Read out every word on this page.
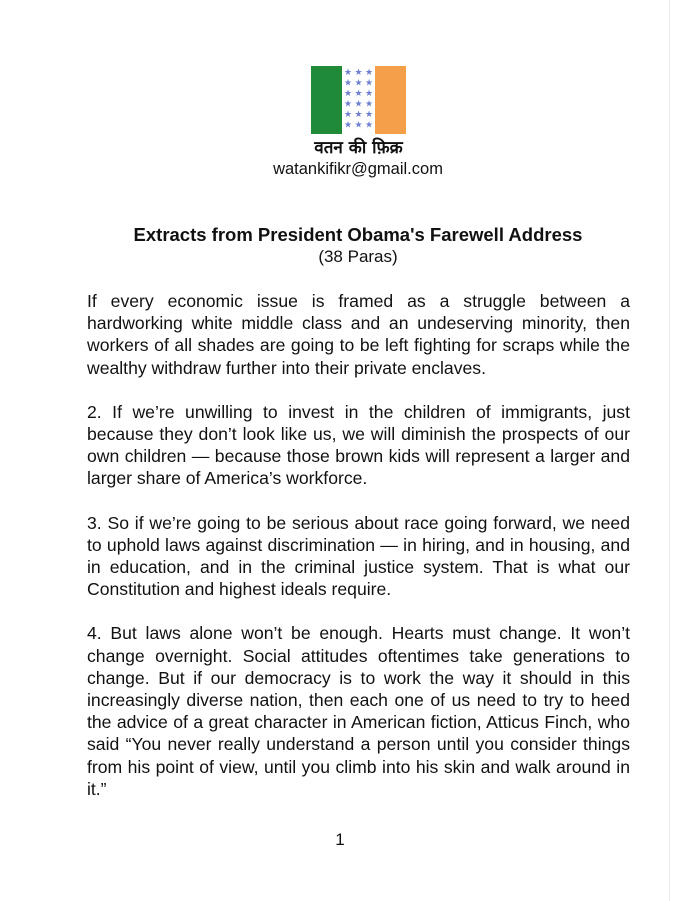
★ ★ ★
★ ★ ★
★ ★ ★
★ ★ ★
★ ★ ★
★ ★ ★
वतन की फ़िक्र
watankifikr@gmail.com
Extracts from President Obama's Farewell Address
(38 Paras)

If every economic issue is framed as a struggle between a hardworking white middle class and an undeserving minority, then workers of all shades are going to be left fighting for scraps while the wealthy withdraw further into their private enclaves.

2. If we’re unwilling to invest in the children of immigrants, just because they don’t look like us, we will diminish the prospects of our own children — because those brown kids will represent a larger and larger share of America’s workforce.

3. So if we’re going to be serious about race going forward, we need to uphold laws against discrimination — in hiring, and in housing, and in education, and in the criminal justice system. That is what our Constitution and highest ideals require.

4. But laws alone won’t be enough. Hearts must change. It won’t change overnight. Social attitudes oftentimes take generations to change. But if our democracy is to work the way it should in this increasingly diverse nation, then each one of us need to try to heed the advice of a great character in American fiction, Atticus Finch, who said “You never really understand a person until you consider things from his point of view, until you climb into his skin and walk around in it.”

1
